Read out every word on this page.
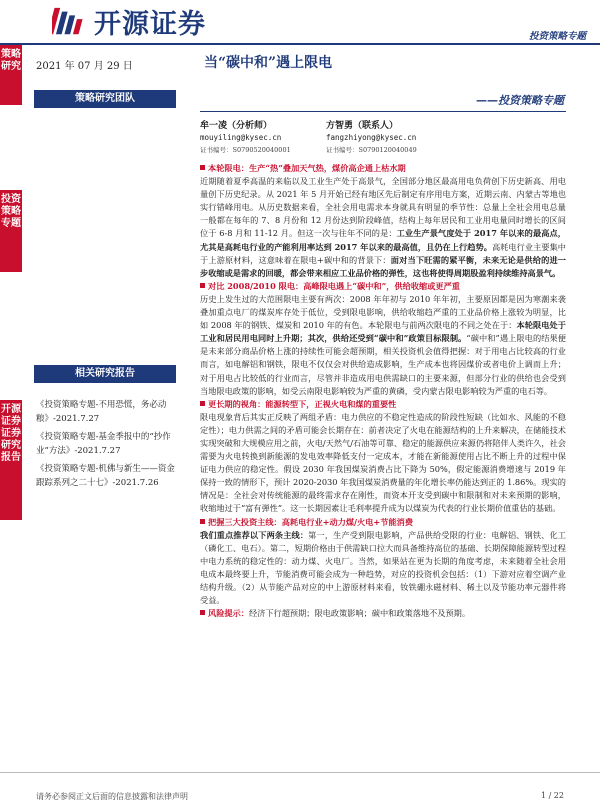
开源证券	投资策略专题
策略研究
投资策略专题
开源证券 证券研究报告
2021 年 07 月 29 日
策略研究团队
相关研究报告
《投资策略专题-不用恐慌，务必动粮》-2021.7.27
《投资策略专题-基金季报中的“抄作业”方法》-2021.7.27
《投资策略专题-机佛与新生——资金跟踪系列之二十七》-2021.7.26
当“碳中和”遇上限电
——投资策略专题
牟一凌（分析师）
mouyiling@kysec.cn
证书编号：S0790520040001
方智勇（联系人）
fangzhiyong@kysec.cn
证书编号：S0790120040049

本轮限电：生产“热”叠加天气热，煤价高企通上枯水期

近期随着夏季高温的来临以及工业生产处于高景气，全国部分地区最高用电负荷创下历史新高、用电量创下历史纪录。从 2021 年 5 月开始已经有地区先后制定有序用电方案，近期云南、内蒙古等地也实行错峰用电。从历史数据来看，全社会用电需求本身就具有明显的季节性：总量上全社会用电总量一般都在每年的 7、8 月份和 12 月份达到阶段峰值，结构上每年居民和工业用电量同时增长的区间位于 6-8 月和 11-12 月。但这一次与往年不同的是：工业生产景气度处于 2017 年以来的最高点，尤其是高耗电行业的产能利用率达到 2017 年以来的最高值，且仍在上行趋势。高耗电行业主要集中于上游原材料，这意味着在限电+碳中和的背景下：面对当下旺需的紧平衡，未来无论是供给的进一步收缩或是需求的回暖，都会带来相应工业品价格的弹性，这也将使得周期股盈利持续维持高景气。

对比 2008/2010 限电：高峰限电遇上“碳中和”，供给收缩或更严重

历史上发生过的大范围限电主要有两次：2008 年年初与 2010 年年初，主要原因都是因为寒潮来袭叠加重点电厂的煤炭库存处于低位，受到限电影响，供给收缩趋严重的工业品价格上涨较为明显，比如 2008 年的钢铁、煤炭和 2010 年的有色。本轮限电与前两次限电的不同之处在于：本轮限电处于工业和居民用电同时上升期；其次，供给还受到“碳中和”政策目标限制。“碳中和”遇上限电的结果便是未来部分商品价格上涨的持续性可能会超预期，相关投资机会值得把握：对于用电占比较高的行业而言，如电解铝和钢铁，限电不仅仅会对供给造成影响，生产成本也将因煤价或者电价上调而上升；对于用电占比较低的行业而言，尽管并非造成用电供需缺口的主要来源，但部分行业的供给也会受到当地限电政策的影响，如受云南限电影响较为严重的黄磷，受内蒙古限电影响较为严重的电石等。

更长期的视角：能源转型下，正视火电和煤的重要性

限电现象背后其实正反映了两组矛盾：电力供应的不稳定性造成的阶段性短缺（比如水、风能的不稳定性）；电力供需之间的矛盾可能会长期存在：前者决定了火电在能源结构的上升来解决，在储能技术实现突破和大规模应用之前，火电/天然气/石油等可靠、稳定的能源供应来源仍将陪伴人类许久，社会需要为火电转换到新能源的发电效率降低支付一定成本，才能在新能源使用占比不断上升的过程中保证电力供应的稳定性。假设 2030 年我国煤炭消费占比下降为 50%，假定能源消费增速与 2019 年保持一致的情形下，预计 2020-2030 年我国煤炭消费量的年化增长率仍能达到正的 1.86%。现实的情况是：全社会对传统能源的最终需求存在刚性，而资本开支受到碳中和限制和对未来预期的影响，收缩地过于“富有弹性”。这一长期因素让毛利率提升成为以煤炭为代表的行业长期价值重估的基础。

把握三大投资主线：高耗电行业+动力煤/火电+节能消费

我们重点推荐以下两条主线：第一，生产受到限电影响，产品供给受限的行业：电解铝、钢铁、化工（磷化工、电石）。第二，短期价格由于供需缺口拉大而具备维持高位的基础、长期保障能源转型过程中电力系统的稳定性的：动力煤、火电厂。当然，如果站在更为长期的角度考虑，未来随着全社会用电成本最终要上升，节能消费可能会成为一种趋势，对应的投资机会包括：（1）下游对应着空调产业结构升级。（2）从节能产品对应的中上游原材料来看，钕铁硼永磁材料、稀土以及节能功率元器件将受益。

风险提示：经济下行超预期；限电政策影响；碳中和政策落地不及预期。

请务必参阅正文后面的信息披露和法律声明	1 / 22
